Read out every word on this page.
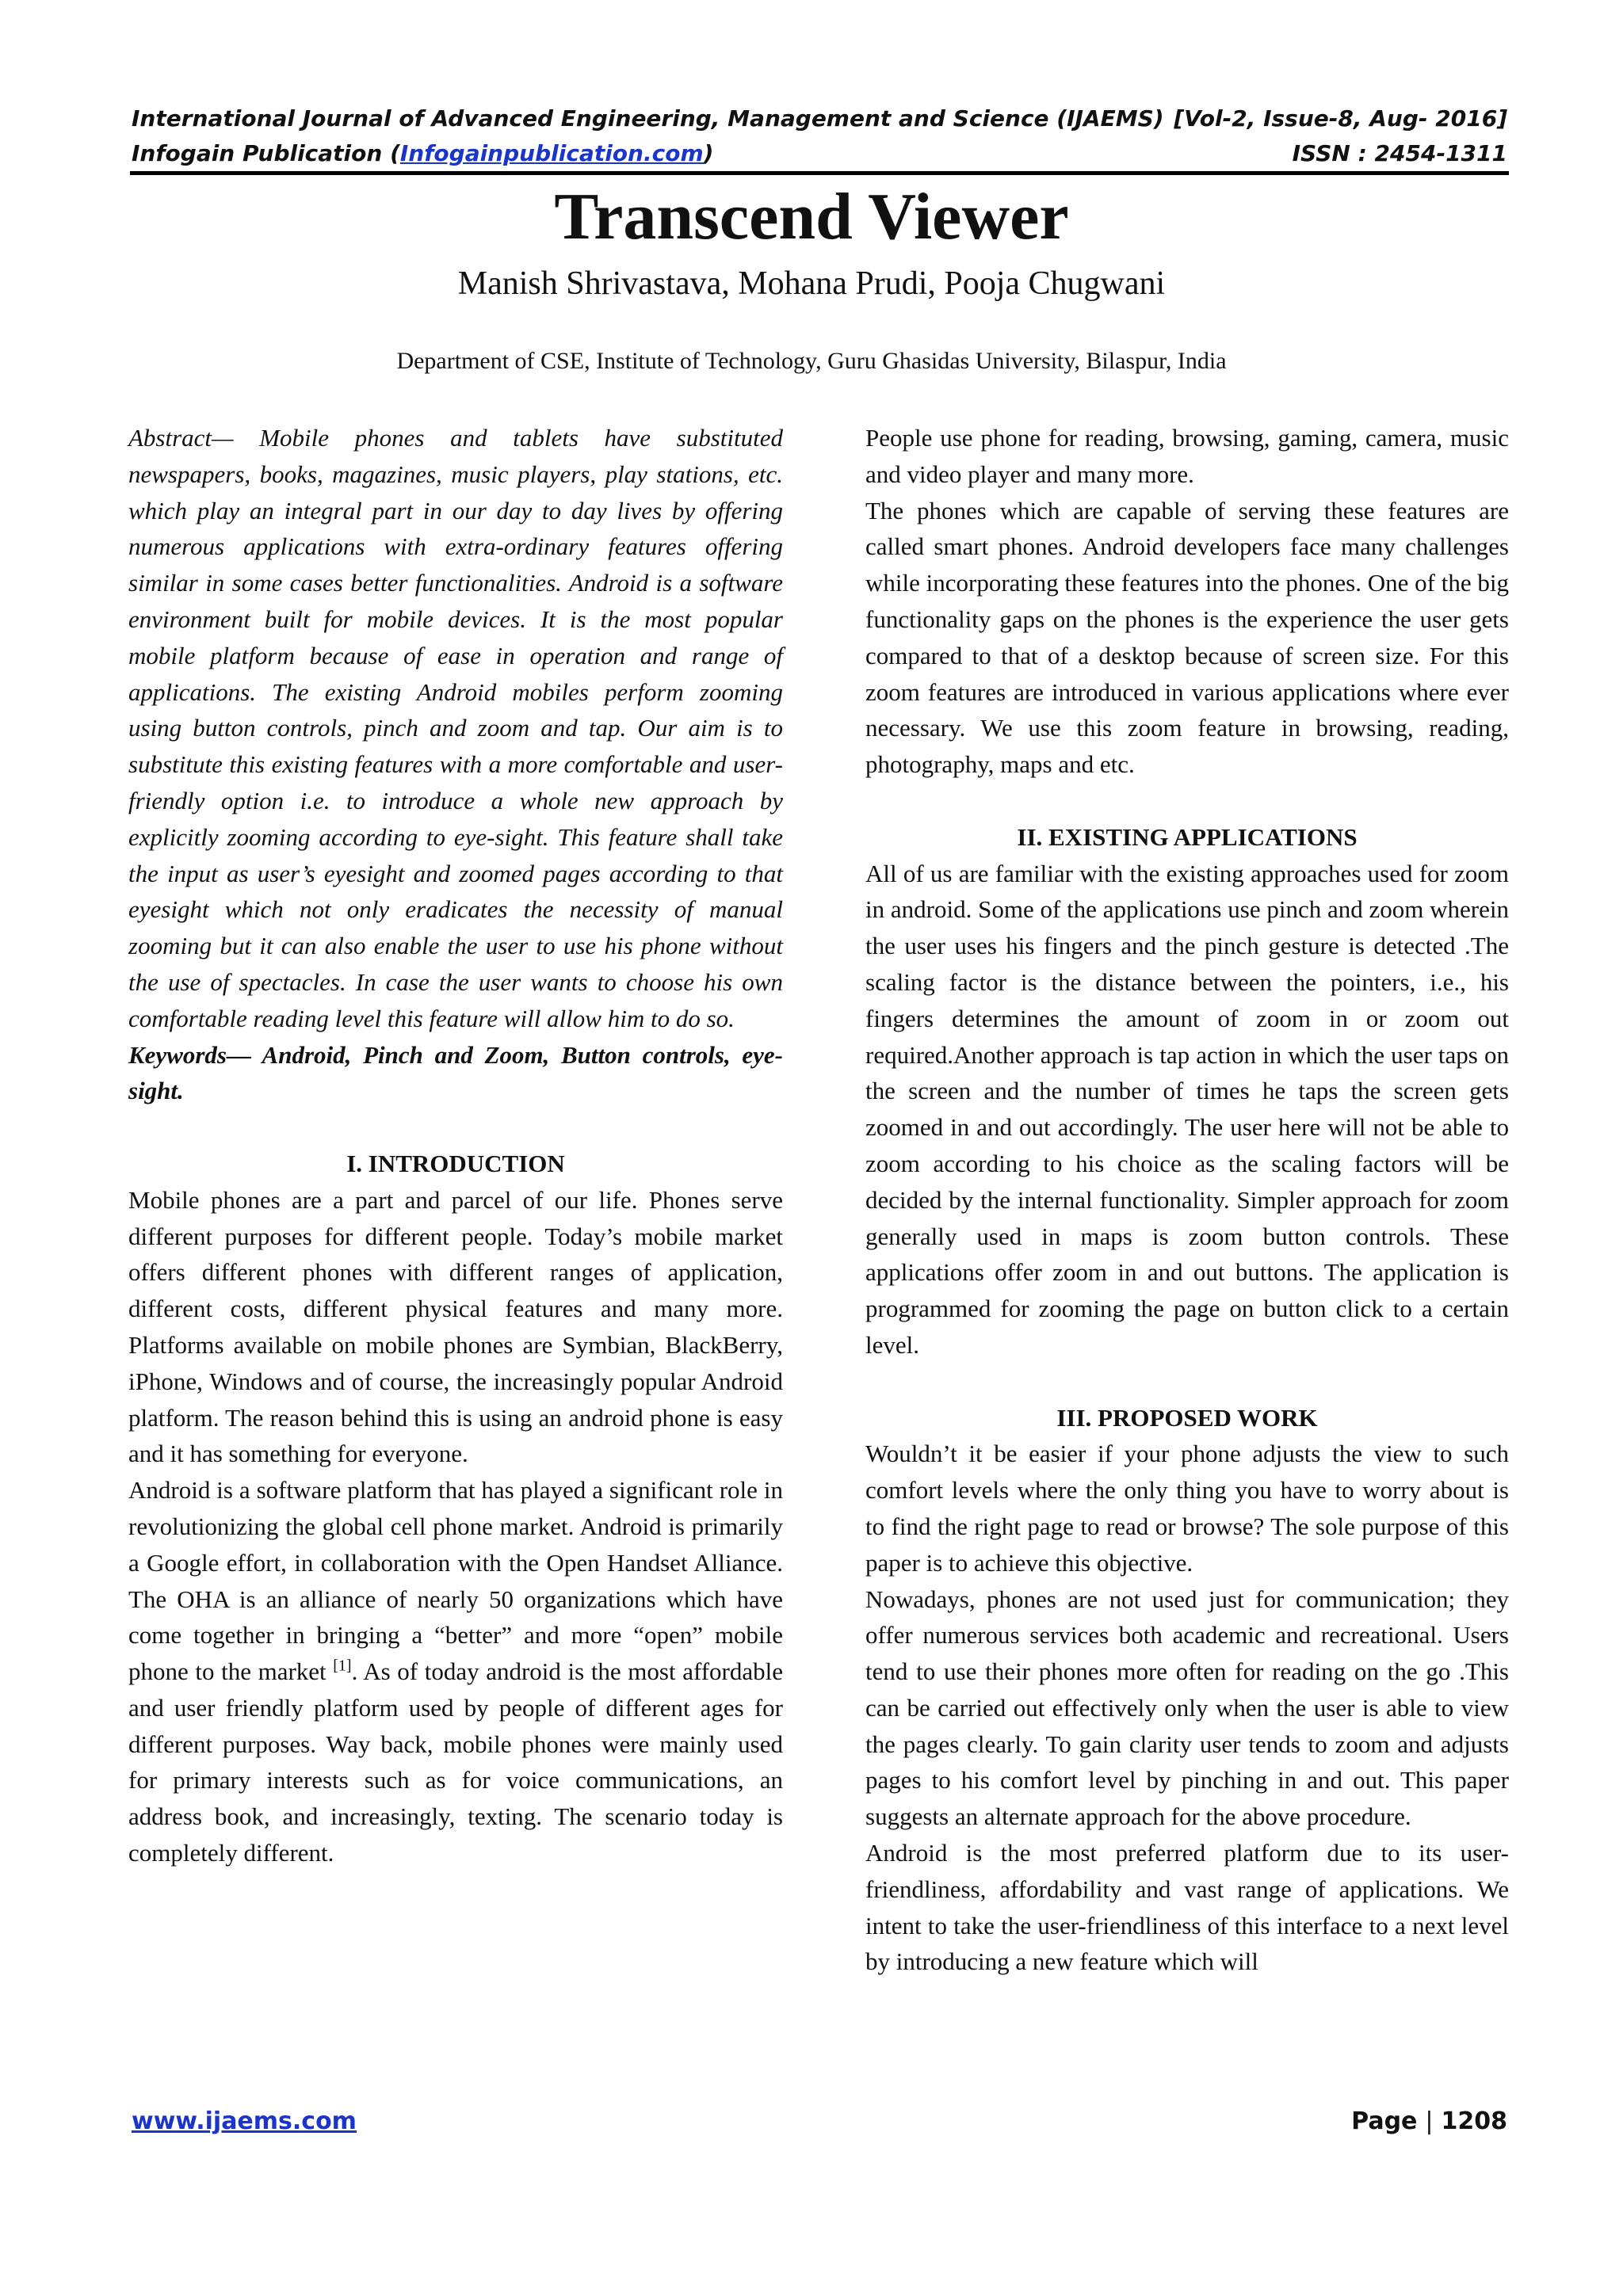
International Journal of Advanced Engineering, Management and Science (IJAEMS) [Vol-2, Issue-8, Aug- 2016]
Infogain Publication (Infogainpublication.com)	ISSN : 2454-1311
Transcend Viewer
Manish Shrivastava, Mohana Prudi, Pooja Chugwani
Department of CSE, Institute of Technology, Guru Ghasidas University, Bilaspur, India

Abstract— Mobile phones and tablets have substituted newspapers, books, magazines, music players, play stations, etc. which play an integral part in our day to day lives by offering numerous applications with extra-ordinary features offering similar in some cases better functionalities. Android is a software environment built for mobile devices. It is the most popular mobile platform because of ease in operation and range of applications. The existing Android mobiles perform zooming using button controls, pinch and zoom and tap. Our aim is to substitute this existing features with a more comfortable and user- friendly option i.e. to introduce a whole new approach by explicitly zooming according to eye-sight. This feature shall take the input as user’s eyesight and zoomed pages according to that eyesight which not only eradicates the necessity of manual zooming but it can also enable the user to use his phone without the use of spectacles. In case the user wants to choose his own comfortable reading level this feature will allow him to do so.

Keywords— Android, Pinch and Zoom, Button controls, eye-sight.

I. INTRODUCTION

Mobile phones are a part and parcel of our life. Phones serve different purposes for different people. Today’s mobile market offers different phones with different ranges of application, different costs, different physical features and many more. Platforms available on mobile phones are Symbian, BlackBerry, iPhone, Windows and of course, the increasingly popular Android platform. The reason behind this is using an android phone is easy and it has something for everyone.

Android is a software platform that has played a significant role in revolutionizing the global cell phone market. Android is primarily a Google effort, in collaboration with the Open Handset Alliance. The OHA is an alliance of nearly 50 organizations which have come together in bringing a “better” and more “open” mobile phone to the market [1]. As of today android is the most affordable and user friendly platform used by people of different ages for different purposes. Way back, mobile phones were mainly used for primary interests such as for voice communications, an address book, and increasingly, texting. The scenario today is completely different.

People use phone for reading, browsing, gaming, camera, music and video player and many more.

The phones which are capable of serving these features are called smart phones. Android developers face many challenges while incorporating these features into the phones. One of the big functionality gaps on the phones is the experience the user gets compared to that of a desktop because of screen size. For this zoom features are introduced in various applications where ever necessary. We use this zoom feature in browsing, reading, photography, maps and etc.

II. EXISTING APPLICATIONS

All of us are familiar with the existing approaches used for zoom in android. Some of the applications use pinch and zoom wherein the user uses his fingers and the pinch gesture is detected .The scaling factor is the distance between the pointers, i.e., his fingers determines the amount of zoom in or zoom out required.Another approach is tap action in which the user taps on the screen and the number of times he taps the screen gets zoomed in and out accordingly. The user here will not be able to zoom according to his choice as the scaling factors will be decided by the internal functionality. Simpler approach for zoom generally used in maps is zoom button controls. These applications offer zoom in and out buttons. The application is programmed for zooming the page on button click to a certain level.

III. PROPOSED WORK

Wouldn’t it be easier if your phone adjusts the view to such comfort levels where the only thing you have to worry about is to find the right page to read or browse? The sole purpose of this paper is to achieve this objective.

Nowadays, phones are not used just for communication; they offer numerous services both academic and recreational. Users tend to use their phones more often for reading on the go .This can be carried out effectively only when the user is able to view the pages clearly. To gain clarity user tends to zoom and adjusts pages to his comfort level by pinching in and out. This paper suggests an alternate approach for the above procedure.

Android is the most preferred platform due to its user-friendliness, affordability and vast range of applications. We intent to take the user-friendliness of this interface to a next level by introducing a new feature which will

www.ijaems.com	Page | 1208
